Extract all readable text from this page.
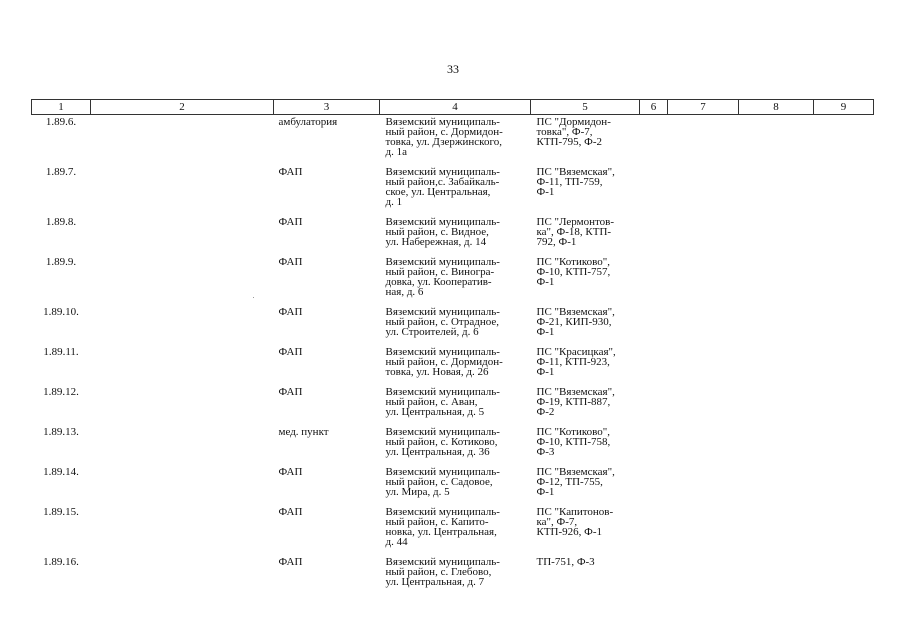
33
1	2	3	4	5	6	7	8	9
1.89.6.		амбулатория	Вяземский муниципаль-
ный район, с. Дормидон-
товка, ул. Дзержинского,
д. 1а	ПС "Дормидон-
товка", Ф-7,
КТП-795, Ф-2				

1.89.7.		ФАП	Вяземский муниципаль-
ный район,с. Забайкаль-
ское, ул. Центральная,
д. 1	ПС "Вяземская",
Ф-11, ТП-759,
Ф-1				

1.89.8.		ФАП	Вяземский муниципаль-
ный район, с. Видное,
ул. Набережная, д. 14	ПС "Лермонтов-
ка", Ф-18, КТП-
792, Ф-1				

1.89.9.		ФАП	Вяземский муниципаль-
ный район, с. Виногра-
довка, ул. Кооператив-
ная, д. 6	ПС "Котиково",
Ф-10, КТП-757,
Ф-1				

1.89.10.		ФАП	Вяземский муниципаль-
ный район, с. Отрадное,
ул. Строителей, д. 6	ПС "Вяземская",
Ф-21, КИП-930,
Ф-1				

1.89.11.		ФАП	Вяземский муниципаль-
ный район, с. Дормидон-
товка, ул. Новая, д. 26	ПС "Красицкая",
Ф-11, КТП-923,
Ф-1				

1.89.12.		ФАП	Вяземский муниципаль-
ный район, с. Аван,
ул. Центральная, д. 5	ПС "Вяземская",
Ф-19, КТП-887,
Ф-2				

1.89.13.		мед. пункт	Вяземский муниципаль-
ный район, с. Котиково,
ул. Центральная, д. 36	ПС "Котиково",
Ф-10, КТП-758,
Ф-3				

1.89.14.		ФАП	Вяземский муниципаль-
ный район, с. Садовое,
ул. Мира, д. 5	ПС "Вяземская",
Ф-12, ТП-755,
Ф-1				

1.89.15.		ФАП	Вяземский муниципаль-
ный район, с. Капито-
новка, ул. Центральная,
д. 44	ПС "Капитонов-
ка", Ф-7,
КТП-926, Ф-1				

1.89.16.		ФАП	Вяземский муниципаль-
ный район, с. Глебово,
ул. Центральная, д. 7	ТП-751, Ф-3				
